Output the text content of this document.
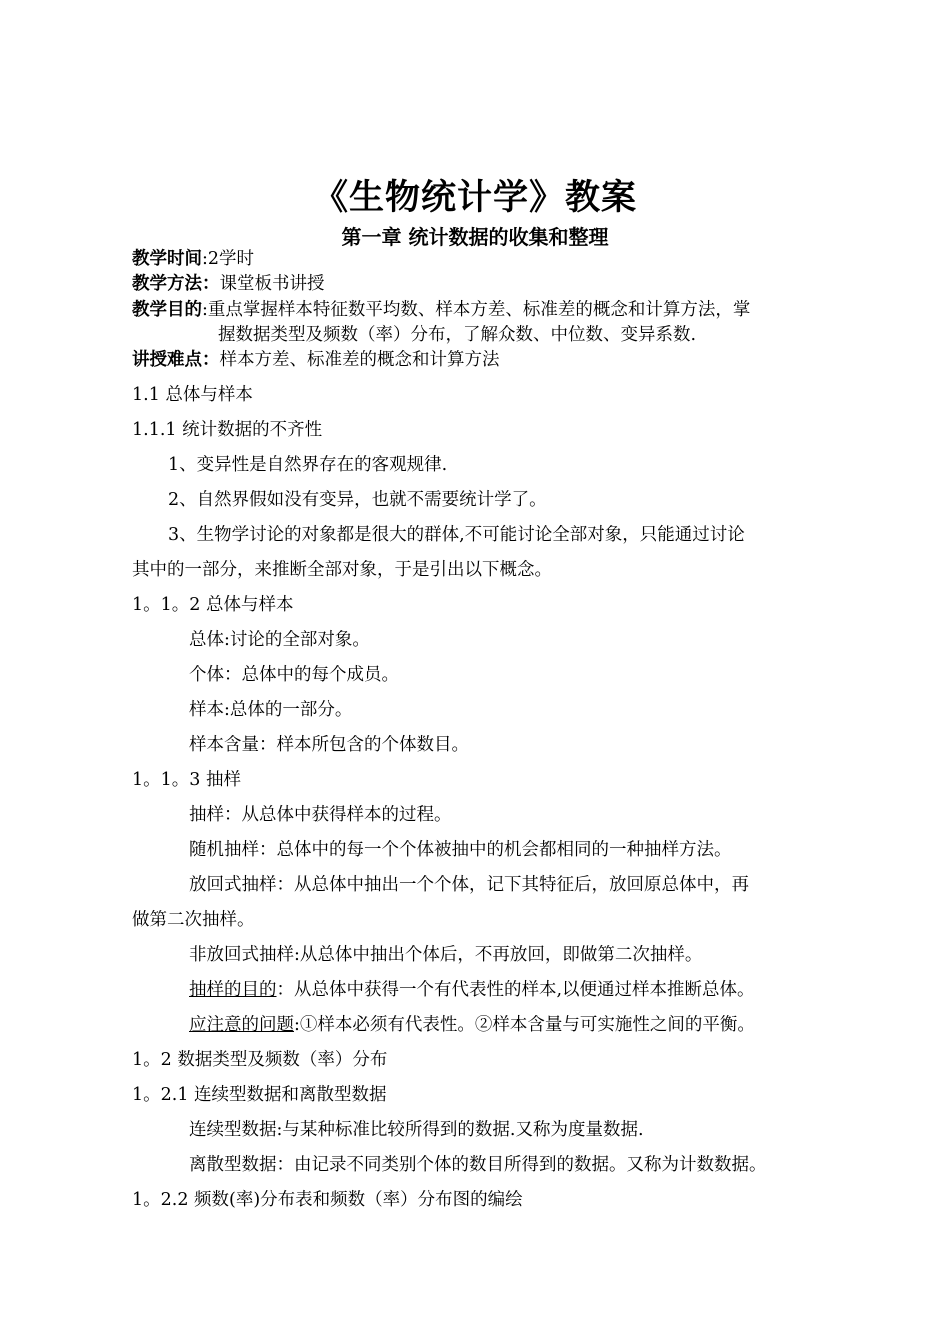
《生物统计学》教案
第一章 统计数据的收集和整理
教学时间:2学时
教学方法：课堂板书讲授
教学目的:重点掌握样本特征数平均数、样本方差、标准差的概念和计算方法，掌
握数据类型及频数（率）分布，了解众数、中位数、变异系数.
讲授难点：样本方差、标准差的概念和计算方法
1.1 总体与样本
1.1.1 统计数据的不齐性
1、变异性是自然界存在的客观规律.
2、自然界假如没有变异，也就不需要统计学了。
3、生物学讨论的对象都是很大的群体,不可能讨论全部对象，只能通过讨论
其中的一部分，来推断全部对象，于是引出以下概念。
1。1。2 总体与样本
总体:讨论的全部对象。
个体：总体中的每个成员。
样本:总体的一部分。
样本含量：样本所包含的个体数目。
1。1。3 抽样
抽样：从总体中获得样本的过程。
随机抽样：总体中的每一个个体被抽中的机会都相同的一种抽样方法。
放回式抽样：从总体中抽出一个个体，记下其特征后，放回原总体中，再
做第二次抽样。
非放回式抽样:从总体中抽出个体后，不再放回，即做第二次抽样。
抽样的目的：从总体中获得一个有代表性的样本,以便通过样本推断总体。
应注意的问题:①样本必须有代表性。②样本含量与可实施性之间的平衡。
1。2 数据类型及频数（率）分布
1。2.1 连续型数据和离散型数据
连续型数据:与某种标准比较所得到的数据.又称为度量数据.
离散型数据：由记录不同类别个体的数目所得到的数据。又称为计数数据。
1。2.2 频数(率)分布表和频数（率）分布图的编绘
